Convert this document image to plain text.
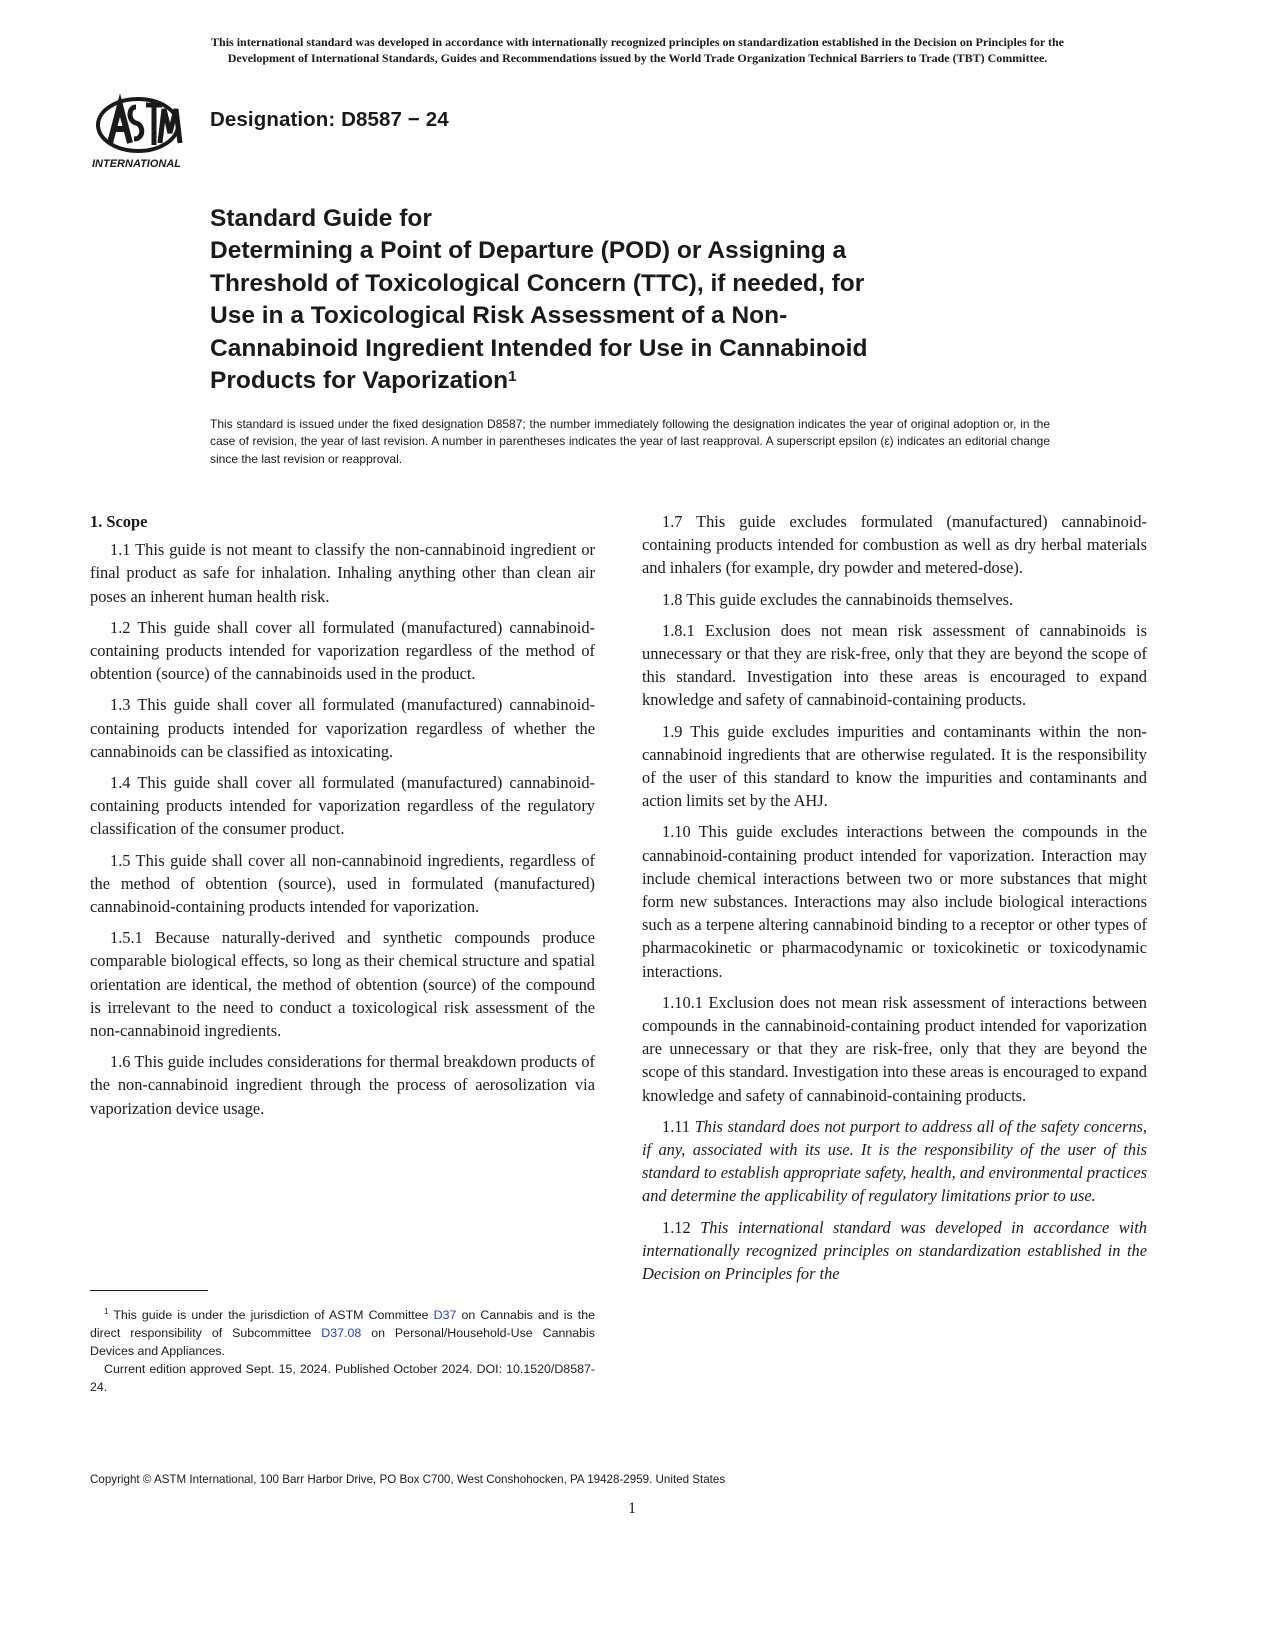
This international standard was developed in accordance with internationally recognized principles on standardization established in the Decision on Principles for the
Development of International Standards, Guides and Recommendations issued by the World Trade Organization Technical Barriers to Trade (TBT) Committee.
INTERNATIONAL
Designation: D8587 − 24
Standard Guide for
Determining a Point of Departure (POD) or Assigning a
Threshold of Toxicological Concern (TTC), if needed, for
Use in a Toxicological Risk Assessment of a Non-
Cannabinoid Ingredient Intended for Use in Cannabinoid
Products for Vaporization$^1$
This standard is issued under the fixed designation D8587; the number immediately following the designation indicates the year of original adoption or, in the case of revision, the year of last revision. A number in parentheses indicates the year of last reapproval. A superscript epsilon (ε) indicates an editorial change since the last revision or reapproval.
1. Scope

1.1 This guide is not meant to classify the non-cannabinoid ingredient or final product as safe for inhalation. Inhaling anything other than clean air poses an inherent human health risk.

1.2 This guide shall cover all formulated (manufactured) cannabinoid-containing products intended for vaporization regardless of the method of obtention (source) of the cannabinoids used in the product.

1.3 This guide shall cover all formulated (manufactured) cannabinoid-containing products intended for vaporization regardless of whether the cannabinoids can be classified as intoxicating.

1.4 This guide shall cover all formulated (manufactured) cannabinoid-containing products intended for vaporization regardless of the regulatory classification of the consumer product.

1.5 This guide shall cover all non-cannabinoid ingredients, regardless of the method of obtention (source), used in formulated (manufactured) cannabinoid-containing products intended for vaporization.

1.5.1 Because naturally-derived and synthetic compounds produce comparable biological effects, so long as their chemical structure and spatial orientation are identical, the method of obtention (source) of the compound is irrelevant to the need to conduct a toxicological risk assessment of the non-cannabinoid ingredients.

1.6 This guide includes considerations for thermal breakdown products of the non-cannabinoid ingredient through the process of aerosolization via vaporization device usage.

1.7 This guide excludes formulated (manufactured) cannabinoid-containing products intended for combustion as well as dry herbal materials and inhalers (for example, dry powder and metered-dose).

1.8 This guide excludes the cannabinoids themselves.

1.8.1 Exclusion does not mean risk assessment of cannabinoids is unnecessary or that they are risk-free, only that they are beyond the scope of this standard. Investigation into these areas is encouraged to expand knowledge and safety of cannabinoid-containing products.

1.9 This guide excludes impurities and contaminants within the non-cannabinoid ingredients that are otherwise regulated. It is the responsibility of the user of this standard to know the impurities and contaminants and action limits set by the AHJ.

1.10 This guide excludes interactions between the compounds in the cannabinoid-containing product intended for vaporization. Interaction may include chemical interactions between two or more substances that might form new substances. Interactions may also include biological interactions such as a terpene altering cannabinoid binding to a receptor or other types of pharmacokinetic or pharmacodynamic or toxicokinetic or toxicodynamic interactions.

1.10.1 Exclusion does not mean risk assessment of interactions between compounds in the cannabinoid-containing product intended for vaporization are unnecessary or that they are risk-free, only that they are beyond the scope of this standard. Investigation into these areas is encouraged to expand knowledge and safety of cannabinoid-containing products.

1.11 This standard does not purport to address all of the safety concerns, if any, associated with its use. It is the responsibility of the user of this standard to establish appropriate safety, health, and environmental practices and determine the applicability of regulatory limitations prior to use.

1.12 This international standard was developed in accordance with internationally recognized principles on standardization established in the Decision on Principles for the

$^1$ This guide is under the jurisdiction of ASTM Committee D37 on Cannabis and is the direct responsibility of Subcommittee D37.08 on Personal/Household-Use Cannabis Devices and Appliances.

Current edition approved Sept. 15, 2024. Published October 2024. DOI: 10.1520/D8587-24.

Copyright © ASTM International, 100 Barr Harbor Drive, PO Box C700, West Conshohocken, PA 19428-2959. United States
1
